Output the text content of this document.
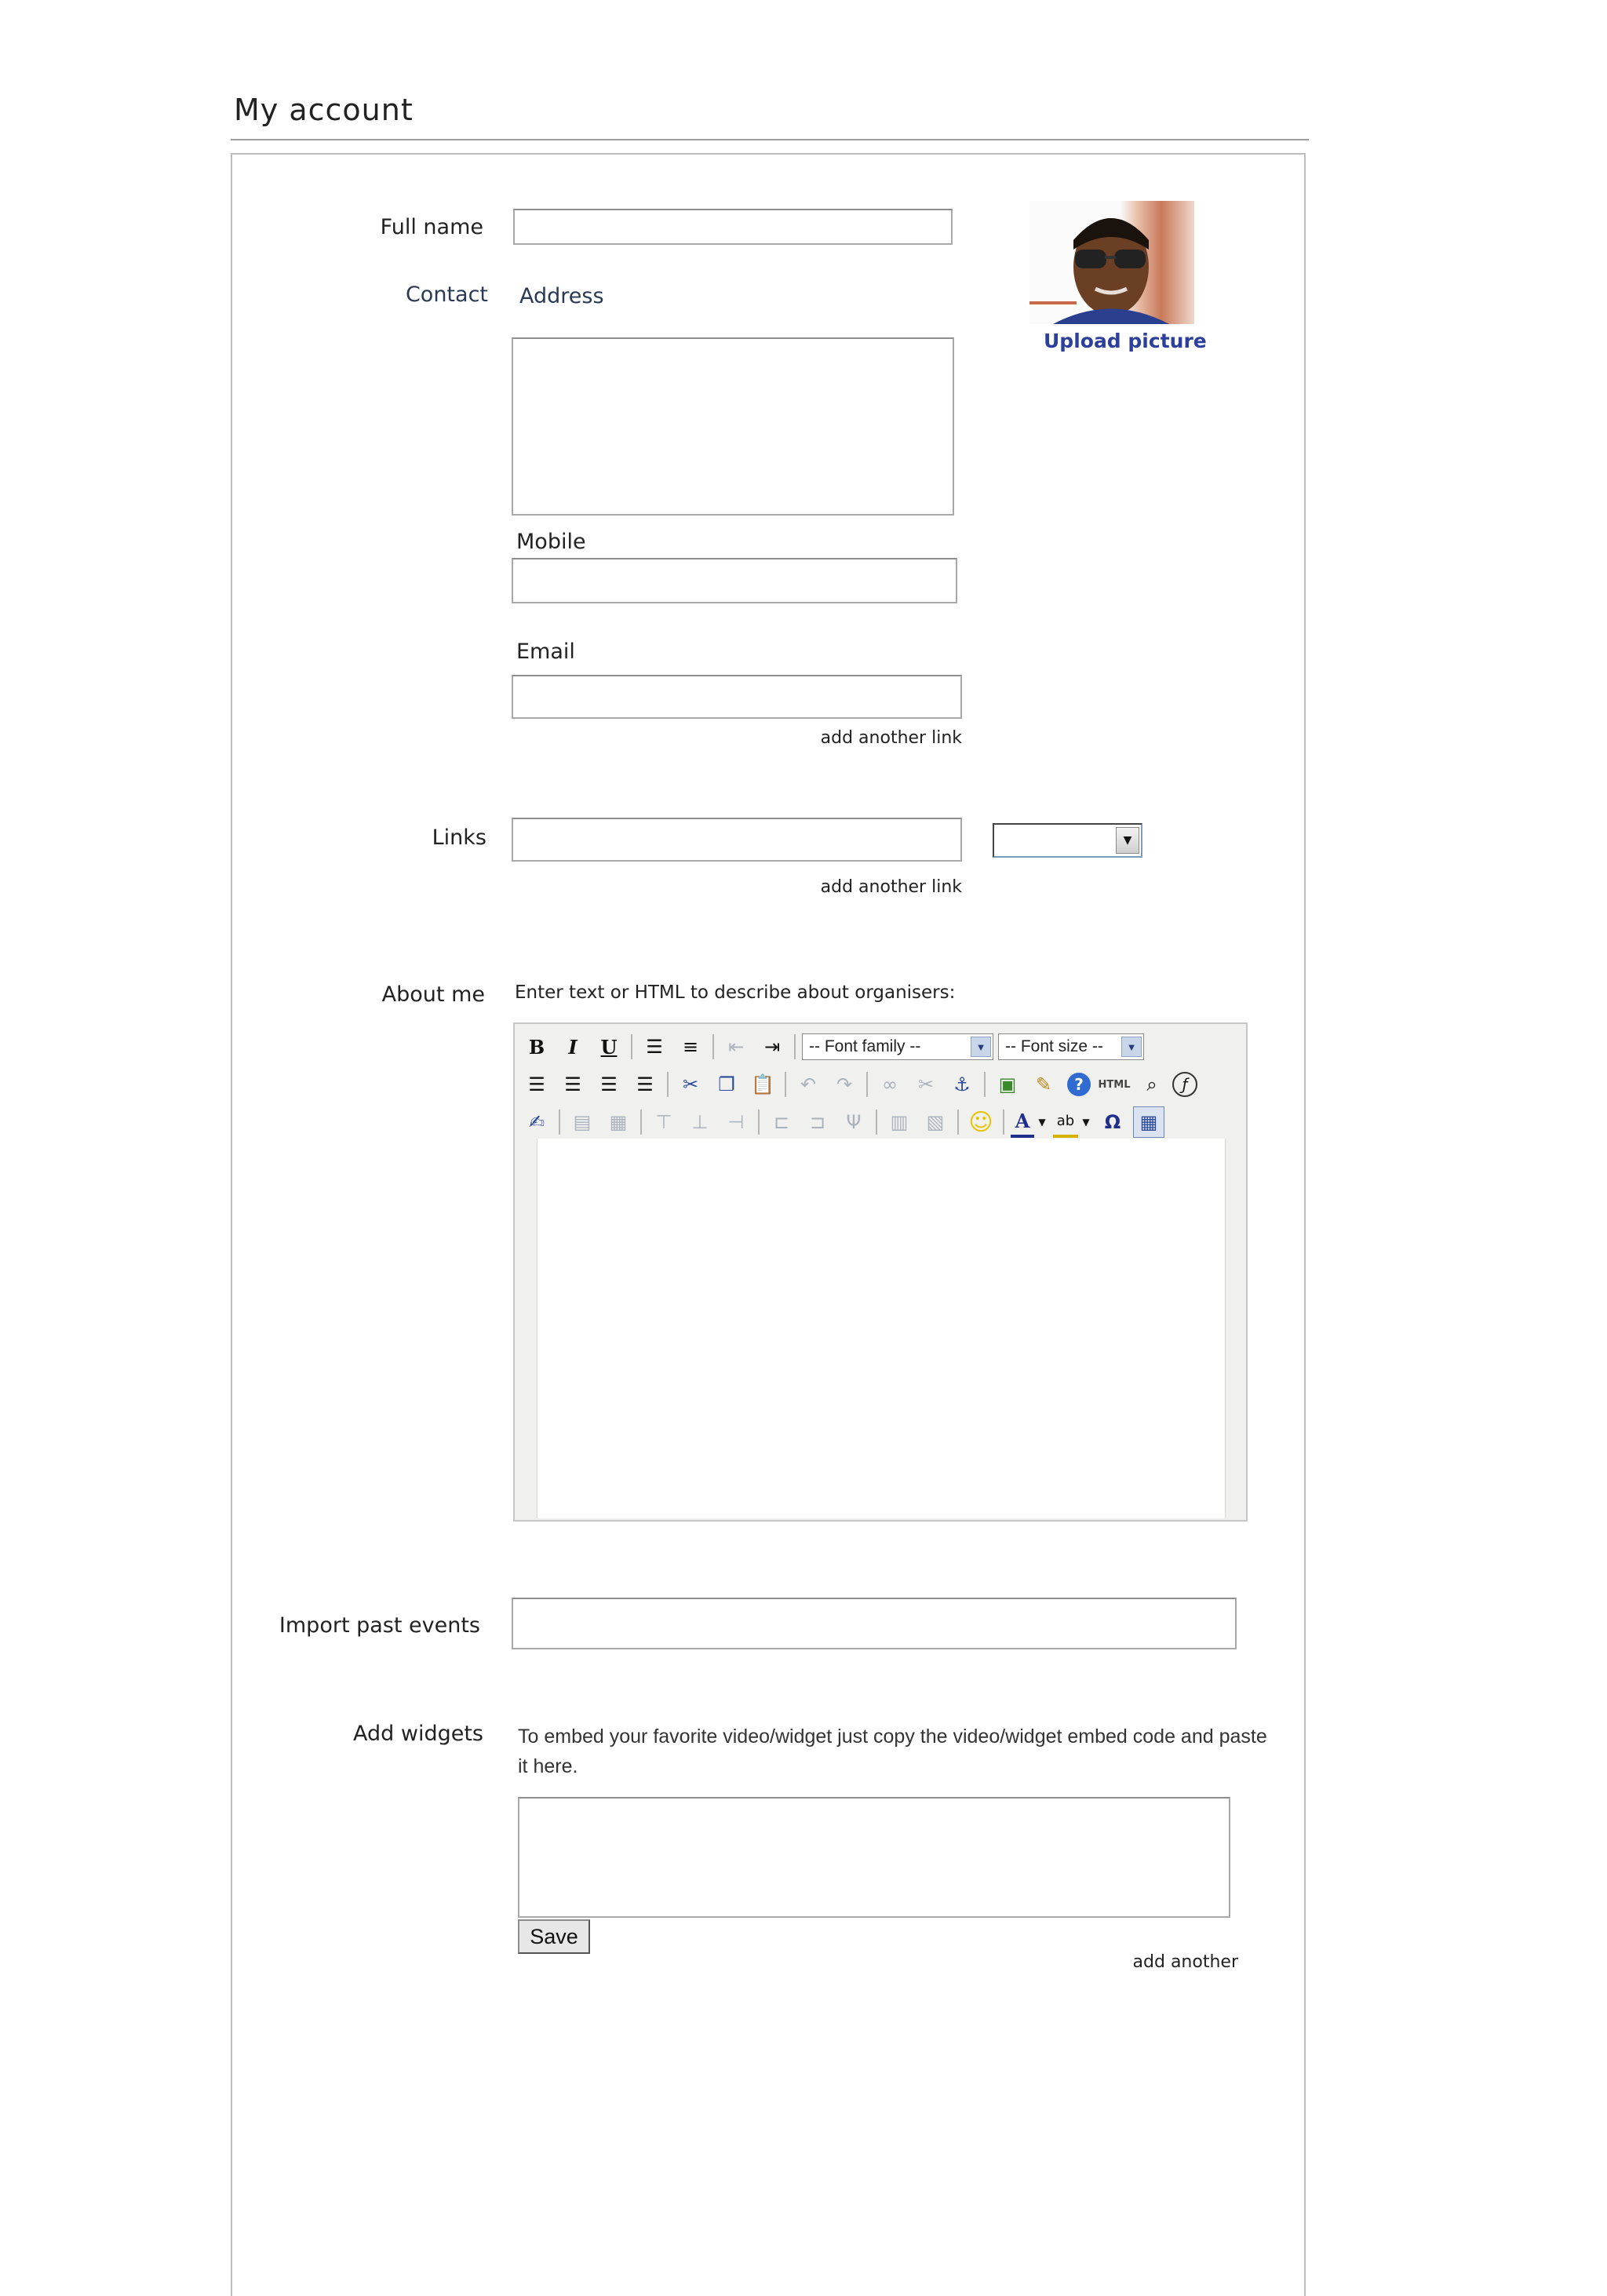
My account
Full name
Upload picture
Contact Address
Mobile
Email
add another link
Links	▼
add another link
About me Enter text or HTML to describe about organisers:
B	I	U	☰	≡	⇤	⇥	-- Font family --	▼	-- Font size --	▼
☰	☰	☰	☰	✂	❐ 📋	↶	↷	∞	✂	⚓	▣	✎	?	HTML ⌕	ƒ
✍	▤ ▦	⊤	⊥	⊣	⊏	⊐	Ψ	▥ ▧ ☺ A ▼ ab ▼ Ω	▦
Import past events
Add widgets To embed your favorite video/widget just copy the video/widget embed code and paste it here.
Save
add another
